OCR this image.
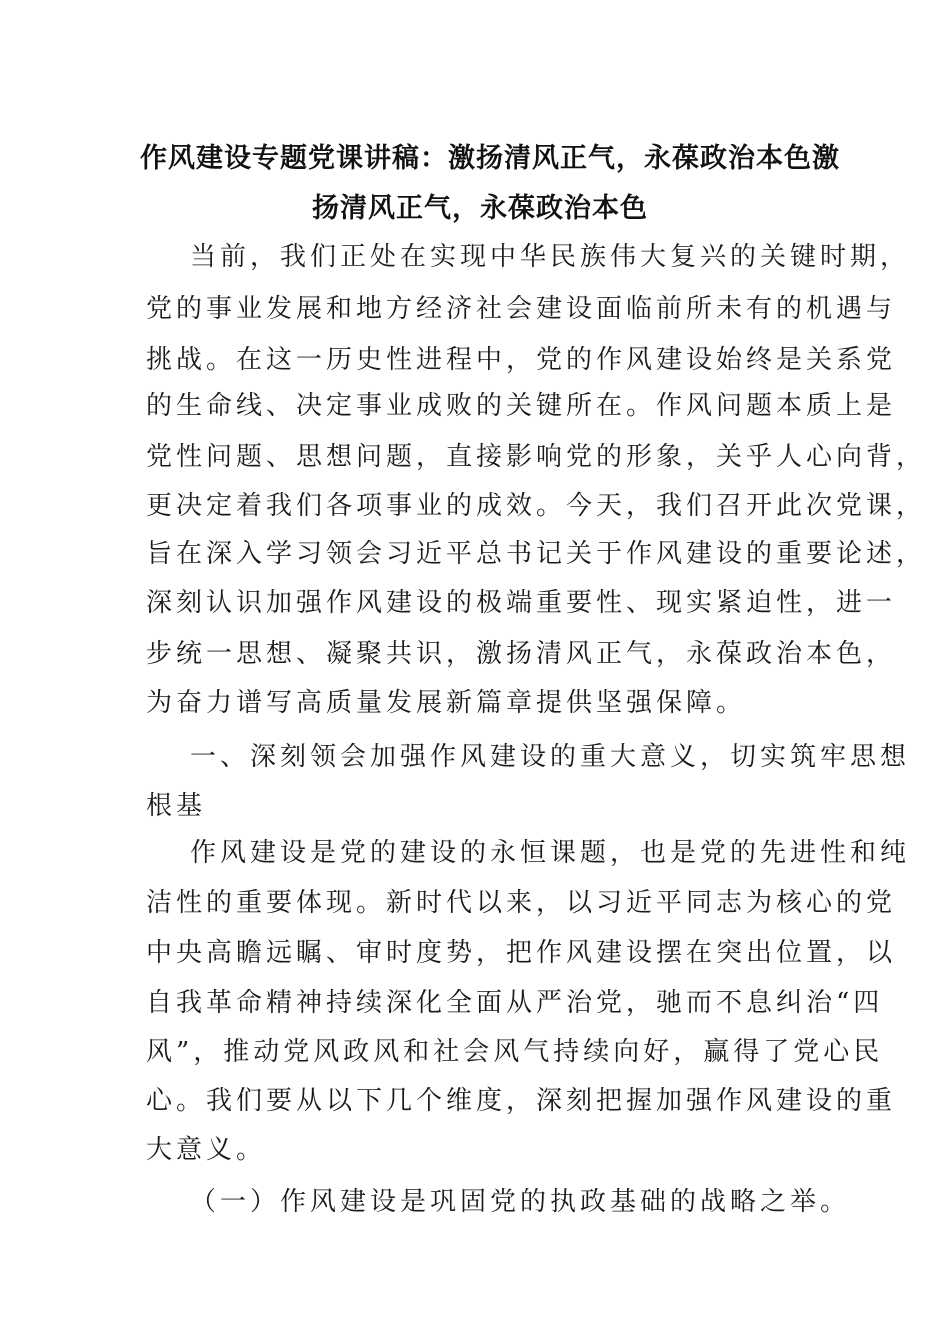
作风建设专题党课讲稿：激扬清风正气，永葆政治本色激
扬清风正气，永葆政治本色
当前，我们正处在实现中华民族伟大复兴的关键时期，
党的事业发展和地方经济社会建设面临前所未有的机遇与
挑战。在这一历史性进程中，党的作风建设始终是关系党
的生命线、决定事业成败的关键所在。作风问题本质上是
党性问题、思想问题，直接影响党的形象，关乎人心向背，
更决定着我们各项事业的成效。今天，我们召开此次党课，
旨在深入学习领会习近平总书记关于作风建设的重要论述，
深刻认识加强作风建设的极端重要性、现实紧迫性，进一
步统一思想、凝聚共识，激扬清风正气，永葆政治本色，
为奋力谱写高质量发展新篇章提供坚强保障。
一、深刻领会加强作风建设的重大意义，切实筑牢思想
根基
作风建设是党的建设的永恒课题，也是党的先进性和纯
洁性的重要体现。新时代以来，以习近平同志为核心的党
中央高瞻远瞩、审时度势，把作风建设摆在突出位置，以
自我革命精神持续深化全面从严治党，驰而不息纠治“四
风”，推动党风政风和社会风气持续向好，赢得了党心民
心。我们要从以下几个维度，深刻把握加强作风建设的重
大意义。
（一）作风建设是巩固党的执政基础的战略之举。
